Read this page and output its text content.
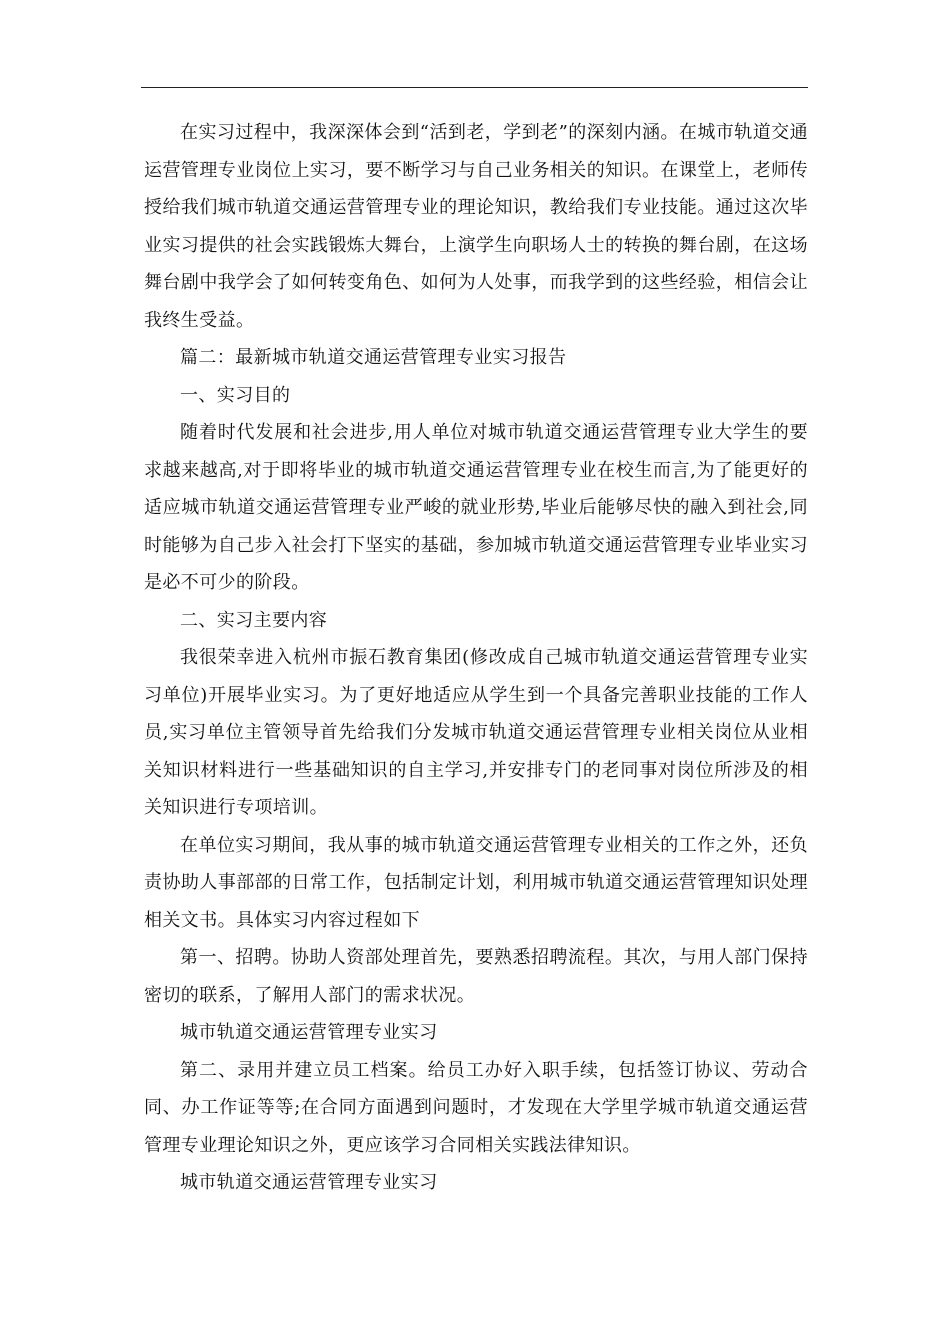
在实习过程中，我深深体会到“活到老，学到老”的深刻内涵。在城市轨道交通运营管理专业岗位上实习，要不断学习与自己业务相关的知识。在课堂上，老师传授给我们城市轨道交通运营管理专业的理论知识，教给我们专业技能。通过这次毕业实习提供的社会实践锻炼大舞台，上演学生向职场人士的转换的舞台剧，在这场舞台剧中我学会了如何转变角色、如何为人处事，而我学到的这些经验，相信会让我终生受益。

篇二：最新城市轨道交通运营管理专业实习报告

一、实习目的

随着时代发展和社会进步,用人单位对城市轨道交通运营管理专业大学生的要求越来越高,对于即将毕业的城市轨道交通运营管理专业在校生而言,为了能更好的适应城市轨道交通运营管理专业严峻的就业形势,毕业后能够尽快的融入到社会,同时能够为自己步入社会打下坚实的基础，参加城市轨道交通运营管理专业毕业实习是必不可少的阶段。

二、实习主要内容

我很荣幸进入杭州市振石教育集团(修改成自己城市轨道交通运营管理专业实习单位)开展毕业实习。为了更好地适应从学生到一个具备完善职业技能的工作人员,实习单位主管领导首先给我们分发城市轨道交通运营管理专业相关岗位从业相关知识材料进行一些基础知识的自主学习,并安排专门的老同事对岗位所涉及的相关知识进行专项培训。

在单位实习期间，我从事的城市轨道交通运营管理专业相关的工作之外，还负责协助人事部部的日常工作，包括制定计划，利用城市轨道交通运营管理知识处理相关文书。具体实习内容过程如下

第一、招聘。协助人资部处理首先，要熟悉招聘流程。其次，与用人部门保持密切的联系，了解用人部门的需求状况。

城市轨道交通运营管理专业实习

第二、录用并建立员工档案。给员工办好入职手续，包括签订协议、劳动合同、办工作证等等;在合同方面遇到问题时，才发现在大学里学城市轨道交通运营管理专业理论知识之外，更应该学习合同相关实践法律知识。

城市轨道交通运营管理专业实习
